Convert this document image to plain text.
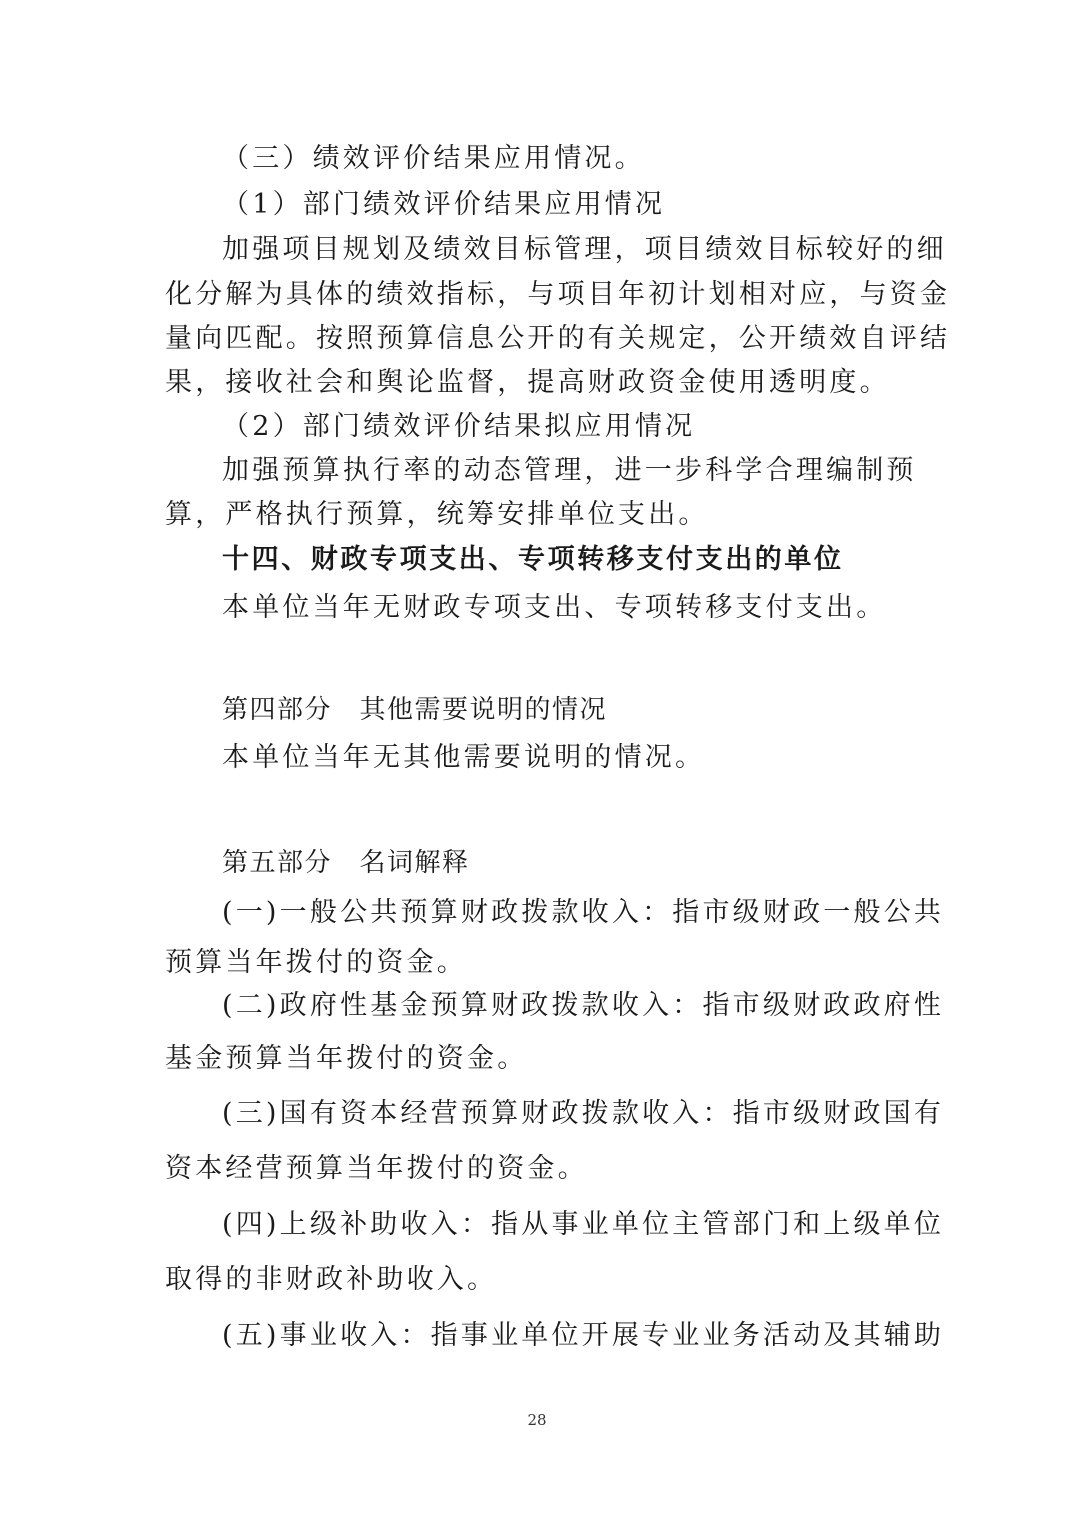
（三）绩效评价结果应用情况。

（1）部门绩效评价结果应用情况

加强项目规划及绩效目标管理，项目绩效目标较好的细

化分解为具体的绩效指标，与项目年初计划相对应，与资金

量向匹配。按照预算信息公开的有关规定，公开绩效自评结

果，接收社会和舆论监督，提高财政资金使用透明度。

（2）部门绩效评价结果拟应用情况

加强预算执行率的动态管理，进一步科学合理编制预

算，严格执行预算，统筹安排单位支出。

十四、财政专项支出、专项转移支付支出的单位

本单位当年无财政专项支出、专项转移支付支出。

第四部分　其他需要说明的情况

本单位当年无其他需要说明的情况。

第五部分　名词解释

(一)一般公共预算财政拨款收入：指市级财政一般公共

预算当年拨付的资金。

(二)政府性基金预算财政拨款收入：指市级财政政府性

基金预算当年拨付的资金。

(三)国有资本经营预算财政拨款收入：指市级财政国有

资本经营预算当年拨付的资金。

(四)上级补助收入：指从事业单位主管部门和上级单位

取得的非财政补助收入。

(五)事业收入：指事业单位开展专业业务活动及其辅助

28
